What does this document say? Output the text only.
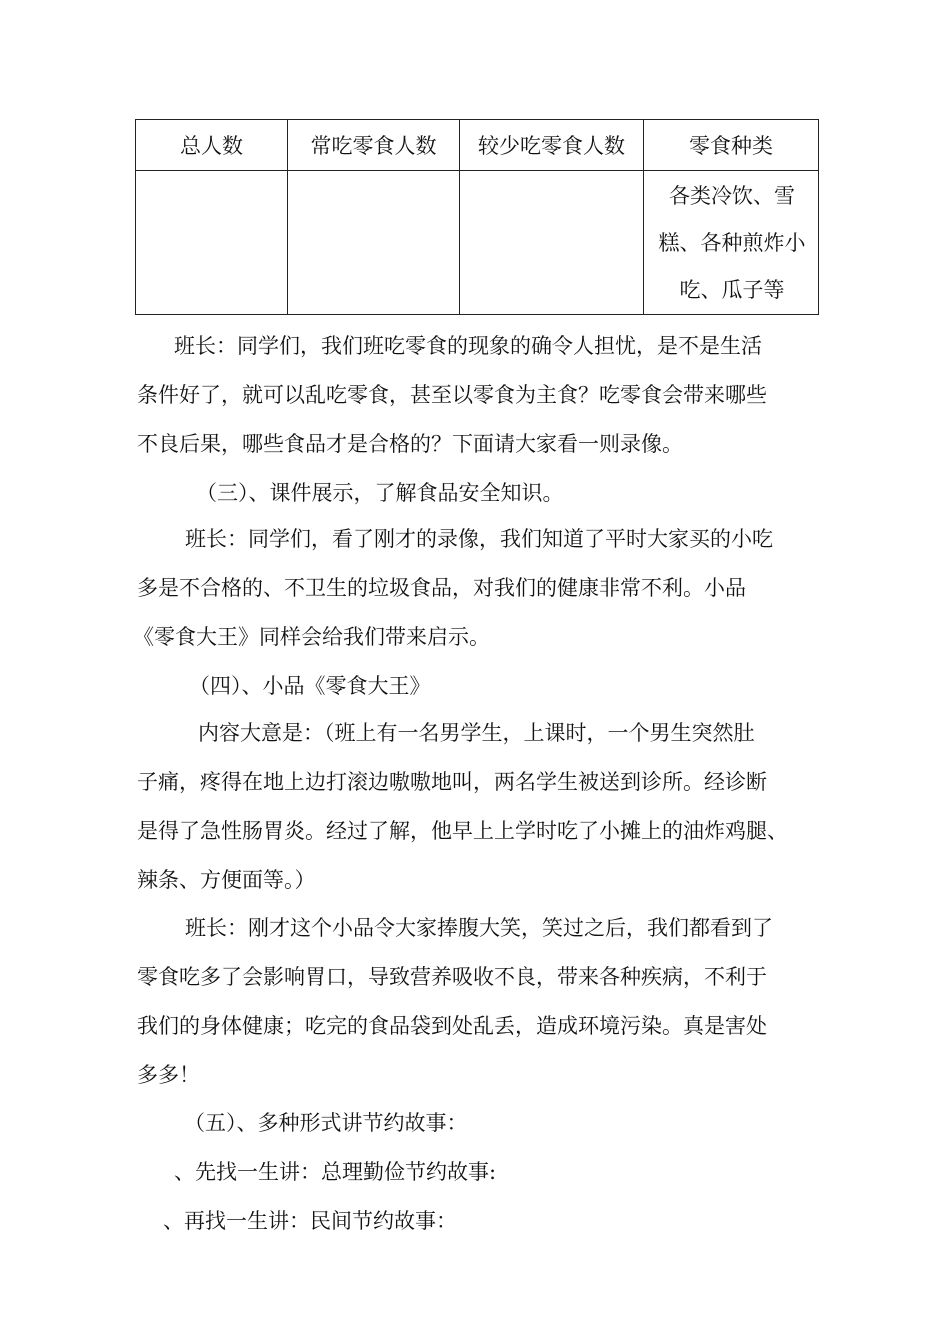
总人数	常吃零食人数	较少吃零食人数	零食种类

			各类冷饮、雪糕、各种煎炸小吃、瓜子等

班长：同学们，我们班吃零食的现象的确令人担忧，是不是生活

条件好了，就可以乱吃零食，甚至以零食为主食？吃零食会带来哪些

不良后果，哪些食品才是合格的？下面请大家看一则录像。

（三）、课件展示，了解食品安全知识。

班长：同学们，看了刚才的录像，我们知道了平时大家买的小吃

多是不合格的、不卫生的垃圾食品，对我们的健康非常不利。小品

《零食大王》同样会给我们带来启示。

（四）、小品《零食大王》

内容大意是：（班上有一名男学生，上课时，一个男生突然肚

子痛，疼得在地上边打滚边嗷嗷地叫，两名学生被送到诊所。经诊断

是得了急性肠胃炎。经过了解，他早上上学时吃了小摊上的油炸鸡腿、

辣条、方便面等。）

班长：刚才这个小品令大家捧腹大笑，笑过之后，我们都看到了

零食吃多了会影响胃口，导致营养吸收不良，带来各种疾病，不利于

我们的身体健康；吃完的食品袋到处乱丢，造成环境污染。真是害处

多多！

（五）、多种形式讲节约故事：

、先找一生讲：总理勤俭节约故事:

、再找一生讲：民间节约故事：
